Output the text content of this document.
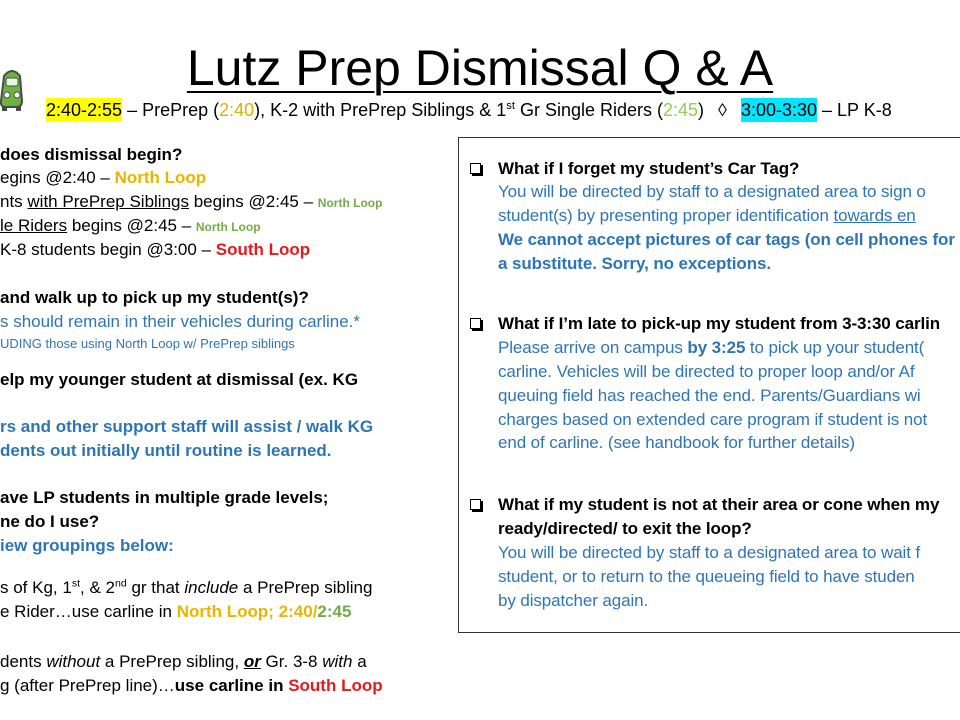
Lutz Prep Dismissal Q & A
2:40-2:55 – PrePrep (2:40), K-2 with PrePrep Siblings & 1st Gr Single Riders (2:45) ◊ 3:00-3:30 – LP K-8
does dismissal begin?
egins @2:40 – North Loop
nts with PrePrep Siblings begins @2:45 – North Loop
le Riders begins @2:45 – North Loop
K-8 students begin @3:00 – South Loop
and walk up to pick up my student(s)?
s should remain in their vehicles during carline.*
UDING those using North Loop w/ PrePrep siblings
elp my younger student at dismissal (ex. KG
rs and other support staff will assist / walk KG
dents out initially until routine is learned.
ave LP students in multiple grade levels;
ne do I use?
iew groupings below:
s of Kg, 1st, & 2nd gr that include a PrePrep sibling
e Rider…use carline in North Loop; 2:40/2:45
dents without a PrePrep sibling, or Gr. 3-8 with a
g (after PrePrep line)…use carline in South Loop
What if I forget my student’s Car Tag?
You will be directed by staff to a designated area to sign o
student(s) by presenting proper identification towards en
We cannot accept pictures of car tags (on cell phones for
a substitute. Sorry, no exceptions.
What if I’m late to pick-up my student from 3-3:30 carlin
Please arrive on campus by 3:25 to pick up your student(
carline. Vehicles will be directed to proper loop and/or Af
queuing field has reached the end. Parents/Guardians wi
charges based on extended care program if student is not
end of carline. (see handbook for further details)
What if my student is not at their area or cone when my
ready/directed/ to exit the loop?
You will be directed by staff to a designated area to wait f
student, or to return to the queueing field to have studen
by dispatcher again.
